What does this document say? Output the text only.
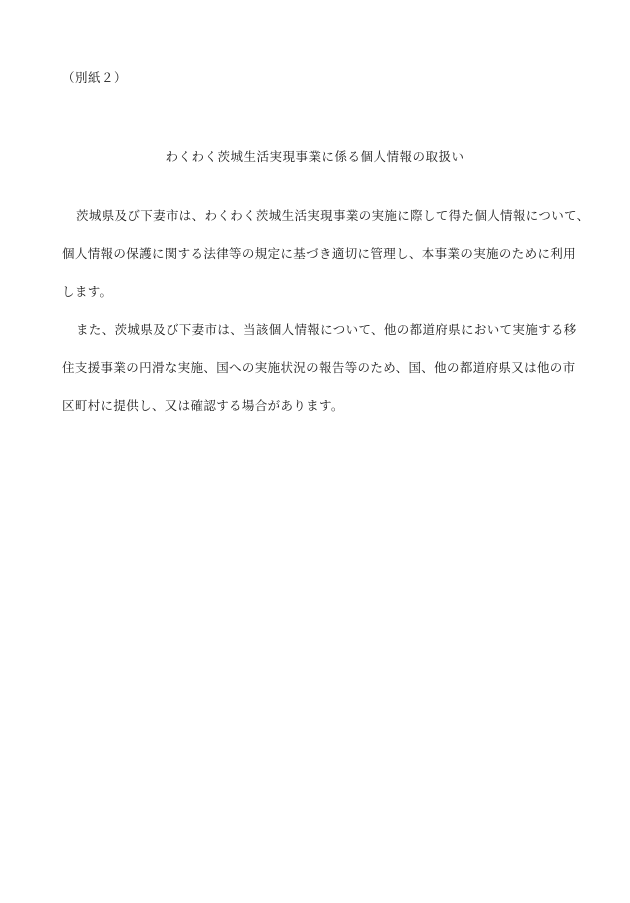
（別紙２）
わくわく茨城生活実現事業に係る個人情報の取扱い
茨城県及び下妻市は、わくわく茨城生活実現事業の実施に際して得た個人情報について、
個人情報の保護に関する法律等の規定に基づき適切に管理し、本事業の実施のために利用
します。
また、茨城県及び下妻市は、当該個人情報について、他の都道府県において実施する移
住支援事業の円滑な実施、国への実施状況の報告等のため、国、他の都道府県又は他の市
区町村に提供し、又は確認する場合があります。
